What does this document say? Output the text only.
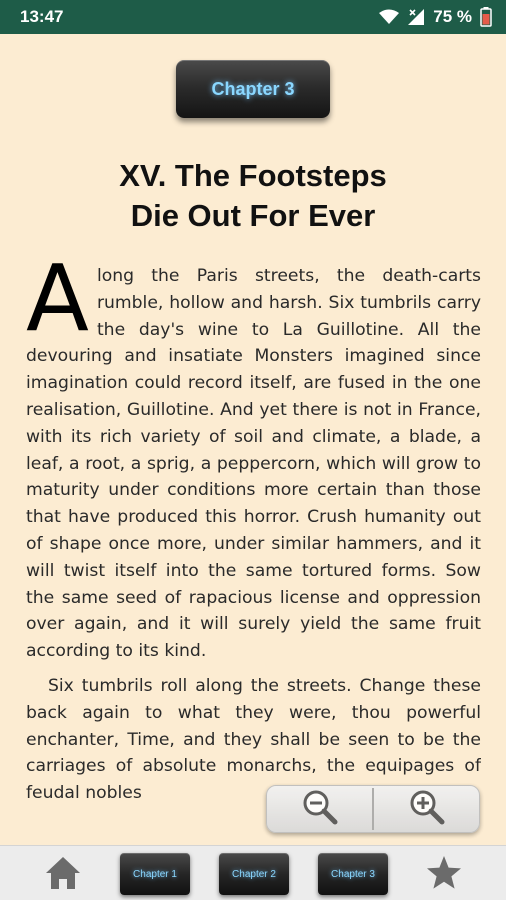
13:47	75 %
Chapter 3
XV. The Footsteps
Die Out For Ever

Along the Paris streets, the death-carts rumble, hollow and harsh. Six tumbrils carry the day's wine to La Guillotine. All the devouring and insatiate Monsters imagined since imagination could record itself, are fused in the one realisation, Guillotine. And yet there is not in France, with its rich variety of soil and climate, a blade, a leaf, a root, a sprig, a peppercorn, which will grow to maturity under conditions more certain than those that have produced this horror. Crush humanity out of shape once more, under similar hammers, and it will twist itself into the same tortured forms. Sow the same seed of rapacious license and oppression over again, and it will surely yield the same fruit according to its kind.

Six tumbrils roll along the streets. Change these back again to what they were, thou powerful enchanter, Time, and they shall be seen to be the carriages of absolute monarchs, the equipages of feudal nobles

Chapter 1	Chapter 2	Chapter 3
